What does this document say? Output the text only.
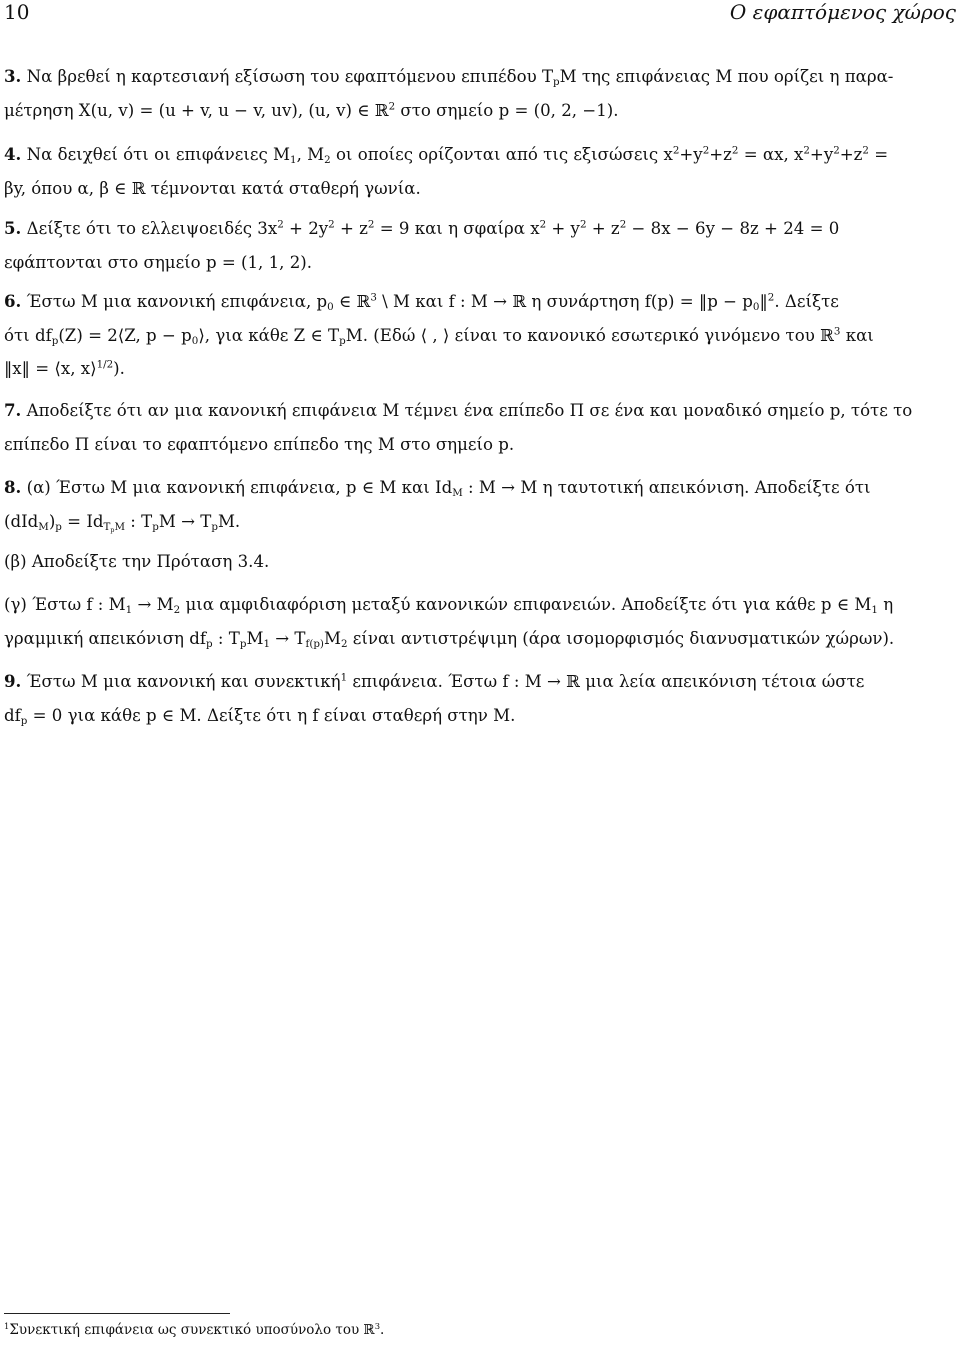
10	Ο εφαπτόμενος χώρος
3. Να βρεθεί η καρτεσιανή εξίσωση του εφαπτόμενου επιπέδου $T_pM$ της επιφάνειας M που ορίζει η παρα-
μέτρηση X(u, v) = (u + v, u − v, uv), (u, v) ∈ ℝ$^2$ στο σημείο p = (0, 2, −1).
4. Να δειχθεί ότι οι επιφάνειες $M_1$, $M_2$ οι οποίες ορίζονται από τις εξισώσεις $x^2+y^2+z^2 = \alpha x$, $x^2+y^2+z^2$ =
βy, όπου α, β ∈ ℝ τέμνονται κατά σταθερή γωνία.
5. Δείξτε ότι το ελλειψοειδές $3x^2 + 2y^2 + z^2 = 9$ και η σφαίρα $x^2 + y^2 + z^2 - 8x - 6y - 8z + 24 = 0$
εφάπτονται στο σημείο p = (1, 1, 2).
6. Έστω M μια κανονική επιφάνεια, $p_0$ ∈ ℝ$^3$ \ M και f : M → ℝ η συνάρτηση f(p) = ‖p − $p_0‖^2$. Δείξτε
ότι $df_p(Z)$ = 2⟨Z, $p - p_0⟩$, για κάθε Z ∈ $T_pM$. (Εδώ ⟨ , ⟩ είναι το κανονικό εσωτερικό γινόμενο του ℝ$^3$ και
‖x‖ = ⟨x, x⟩$^{1/2}$).
7. Αποδείξτε ότι αν μια κανονική επιφάνεια M τέμνει ένα επίπεδο Π σε ένα και μοναδικό σημείο p, τότε το
επίπεδο Π είναι το εφαπτόμενο επίπεδο της M στο σημείο p.
8. (α) Έστω M μια κανονική επιφάνεια, p ∈ M και $Id_M$ : M → M η ταυτοτική απεικόνιση. Αποδείξτε ότι
$(dId_M)_p = Id_{T_pM}$ : $T_pM \to T_pM$.
(β) Αποδείξτε την Πρόταση 3.4.
(γ) Έστω f : $M_1 \to M_2$ μια αμφιδιαφόριση μεταξύ κανονικών επιφανειών. Αποδείξτε ότι για κάθε p ∈ $M_1$ η
γραμμική απεικόνιση $df_p$ : $T_pM_1 \to T_{f(p)}M_2$ είναι αντιστρέψιμη (άρα ισομορφισμός διανυσματικών χώρων).
9. Έστω M μια κανονική και συνεκτική$^1$ επιφάνεια. Έστω f : M → ℝ μια λεία απεικόνιση τέτοια ώστε
$df_p = 0$ για κάθε p ∈ M. Δείξτε ότι η f είναι σταθερή στην M.
$^1$Συνεκτική επιφάνεια ως συνεκτικό υποσύνολο του ℝ$^3$.
